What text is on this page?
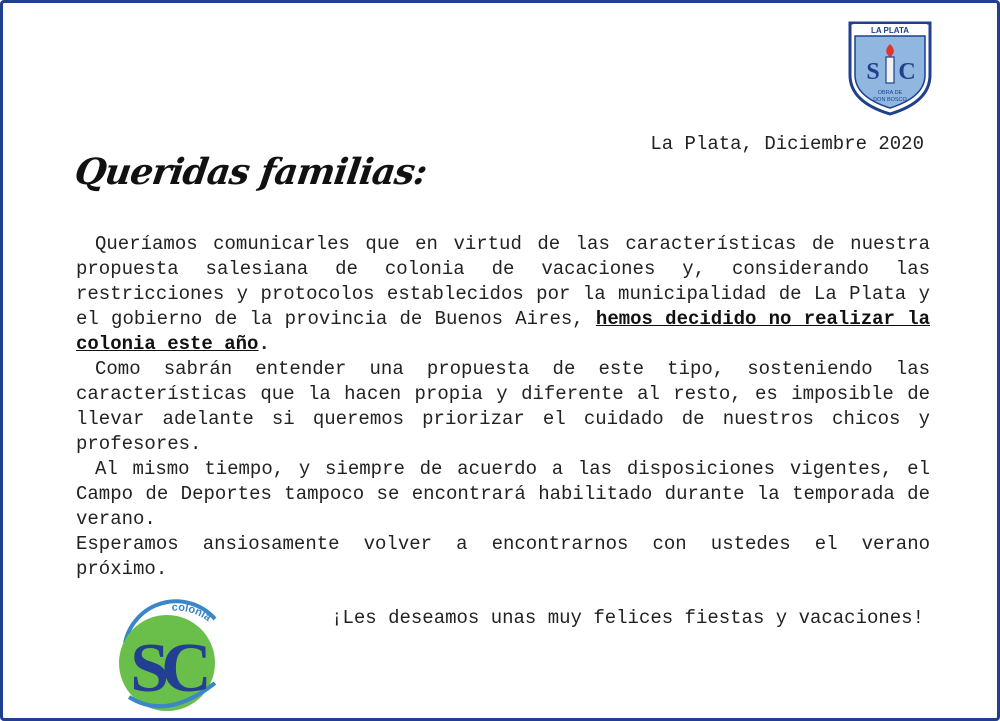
LA PLATA
S C
OBRA DE
DON BOSCO
La Plata, Diciembre 2020
Queridas familias:

Queríamos comunicarles que en virtud de las características de nuestra propuesta salesiana de colonia de vacaciones y, considerando las restricciones y protocolos establecidos por la municipalidad de La Plata y el gobierno de la provincia de Buenos Aires, hemos decidido no realizar la colonia este año.

Como sabrán entender una propuesta de este tipo, sosteniendo las características que la hacen propia y diferente al resto, es imposible de llevar adelante si queremos priorizar el cuidado de nuestros chicos y profesores.

Al mismo tiempo, y siempre de acuerdo a las disposiciones vigentes, el Campo de Deportes tampoco se encontrará habilitado durante la temporada de verano.

Esperamos ansiosamente volver a encontrarnos con ustedes el verano próximo.

colonia
SC
¡Les deseamos unas muy felices fiestas y vacaciones!
